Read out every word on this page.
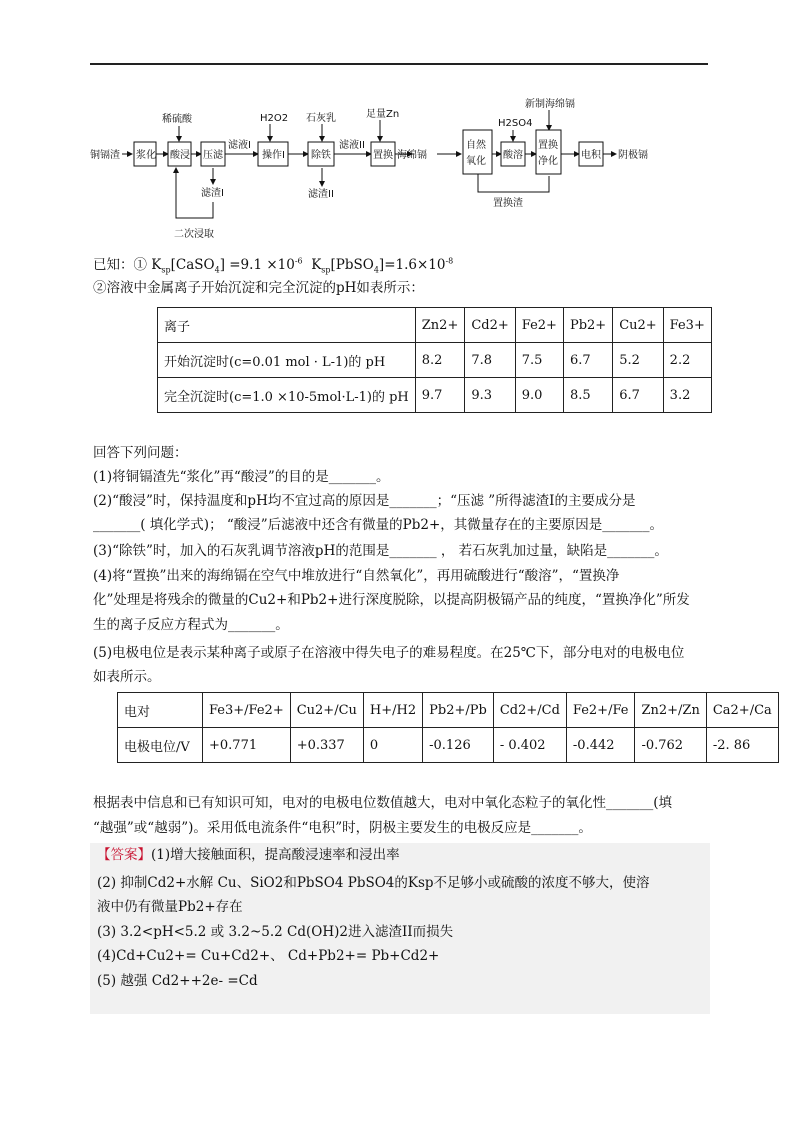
铜镉渣 浆化 酸浸 压滤	操作I	除铁	置换
自然
氧化
酸溶
置换
净化
电积
稀硫酸
滤液I
滤渣I
二次浸取
H2O2 石灰乳
滤液II
滤渣II
足量Zn
海绵镉
H2SO4
新制海绵镉
置换渣
阴极镉
已知：① $K_{sp}[CaSO_4] =9.1 \times 10^{-6}$  $K_{sp}[PbSO_4]=1.6\times 10^{-8}$
②溶液中金属离子开始沉淀和完全沉淀的pH如表所示：
离子	Zn2+	Cd2+	Fe2+	Pb2+	Cu2+	Fe3+
开始沉淀时(c=0.01 mol · L-1)的 pH	8.2	7.8	7.5	6.7	5.2	2.2
完全沉淀时(c=1.0 ×10-5mol·L-1)的 pH	9.7	9.3	9.0	8.5	6.7	3.2
回答下列问题：
(1)将铜镉渣先“浆化”再“酸浸”的目的是_______。
(2)“酸浸”时，保持温度和pH均不宜过高的原因是_______；“压滤 ”所得滤渣I的主要成分是
_______( 填化学式)； “酸浸”后滤液中还含有微量的Pb2+，其微量存在的主要原因是_______。
(3)“除铁”时，加入的石灰乳调节溶液pH的范围是_______ ， 若石灰乳加过量，缺陷是_______。
(4)将“置换”出来的海绵镉在空气中堆放进行“自然氧化”，再用硫酸进行“酸溶”，“置换净
化”处理是将残余的微量的Cu2+和Pb2+进行深度脱除，以提高阴极镉产品的纯度，“置换净化”所发
生的离子反应方程式为_______。
(5)电极电位是表示某种离子或原子在溶液中得失电子的难易程度。在25℃下，部分电对的电极电位
如表所示。
电对	Fe3+/Fe2+	Cu2+/Cu	H+/H2	Pb2+/Pb	Cd2+/Cd	Fe2+/Fe	Zn2+/Zn	Ca2+/Ca
电极电位/V	+0.771	+0.337	0	-0.126	- 0.402	-0.442	-0.762	-2. 86
根据表中信息和已有知识可知，电对的电极电位数值越大，电对中氧化态粒子的氧化性_______(填
“越强”或“越弱”)。采用低电流条件“电积”时，阴极主要发生的电极反应是_______。
【答案】(1)增大接触面积，提高酸浸速率和浸出率
(2) 抑制Cd2+水解 Cu、SiO2和PbSO4 PbSO4的Ksp不足够小或硫酸的浓度不够大，使溶
液中仍有微量Pb2+存在
(3) 3.2<pH<5.2 或 3.2~5.2 Cd(OH)2进入滤渣II而损失
(4)Cd+Cu2+= Cu+Cd2+、 Cd+Pb2+= Pb+Cd2+
(5) 越强 Cd2++2e- =Cd
